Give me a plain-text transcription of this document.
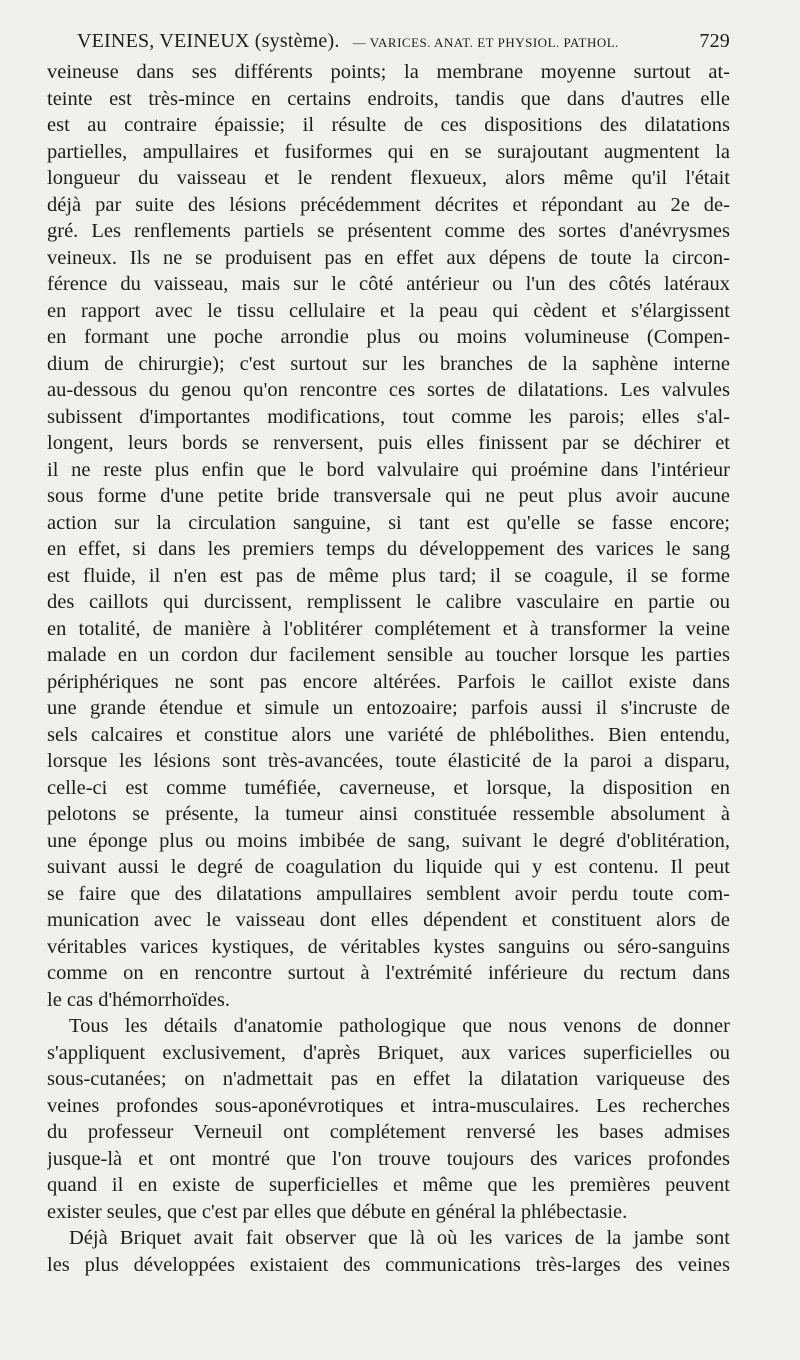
VEINES, VEINEUX (système). — VARICES. ANAT. ET PHYSIOL. PATHOL.	729
veineuse dans ses différents points; la membrane moyenne surtout at-
teinte est très-mince en certains endroits, tandis que dans d'autres elle
est au contraire épaissie; il résulte de ces dispositions des dilatations
partielles, ampullaires et fusiformes qui en se surajoutant augmentent la
longueur du vaisseau et le rendent flexueux, alors même qu'il l'était
déjà par suite des lésions précédemment décrites et répondant au 2e de-
gré. Les renflements partiels se présentent comme des sortes d'anévrysmes
veineux. Ils ne se produisent pas en effet aux dépens de toute la circon-
férence du vaisseau, mais sur le côté antérieur ou l'un des côtés latéraux
en rapport avec le tissu cellulaire et la peau qui cèdent et s'élargissent
en formant une poche arrondie plus ou moins volumineuse (Compen-
dium de chirurgie); c'est surtout sur les branches de la saphène interne
au-dessous du genou qu'on rencontre ces sortes de dilatations. Les valvules
subissent d'importantes modifications, tout comme les parois; elles s'al-
longent, leurs bords se renversent, puis elles finissent par se déchirer et
il ne reste plus enfin que le bord valvulaire qui proémine dans l'intérieur
sous forme d'une petite bride transversale qui ne peut plus avoir aucune
action sur la circulation sanguine, si tant est qu'elle se fasse encore;
en effet, si dans les premiers temps du développement des varices le sang
est fluide, il n'en est pas de même plus tard; il se coagule, il se forme
des caillots qui durcissent, remplissent le calibre vasculaire en partie ou
en totalité, de manière à l'oblitérer complétement et à transformer la veine
malade en un cordon dur facilement sensible au toucher lorsque les parties
périphériques ne sont pas encore altérées. Parfois le caillot existe dans
une grande étendue et simule un entozoaire; parfois aussi il s'incruste de
sels calcaires et constitue alors une variété de phlébolithes. Bien entendu,
lorsque les lésions sont très-avancées, toute élasticité de la paroi a disparu,
celle-ci est comme tuméfiée, caverneuse, et lorsque, la disposition en
pelotons se présente, la tumeur ainsi constituée ressemble absolument à
une éponge plus ou moins imbibée de sang, suivant le degré d'oblitération,
suivant aussi le degré de coagulation du liquide qui y est contenu. Il peut
se faire que des dilatations ampullaires semblent avoir perdu toute com-
munication avec le vaisseau dont elles dépendent et constituent alors de
véritables varices kystiques, de véritables kystes sanguins ou séro-sanguins
comme on en rencontre surtout à l'extrémité inférieure du rectum dans
le cas d'hémorrhoïdes.
Tous les détails d'anatomie pathologique que nous venons de donner
s'appliquent exclusivement, d'après Briquet, aux varices superficielles ou
sous-cutanées; on n'admettait pas en effet la dilatation variqueuse des
veines profondes sous-aponévrotiques et intra-musculaires. Les recherches
du professeur Verneuil ont complétement renversé les bases admises
jusque-là et ont montré que l'on trouve toujours des varices profondes
quand il en existe de superficielles et même que les premières peuvent
exister seules, que c'est par elles que débute en général la phlébectasie.
Déjà Briquet avait fait observer que là où les varices de la jambe sont
les plus développées existaient des communications très-larges des veines
